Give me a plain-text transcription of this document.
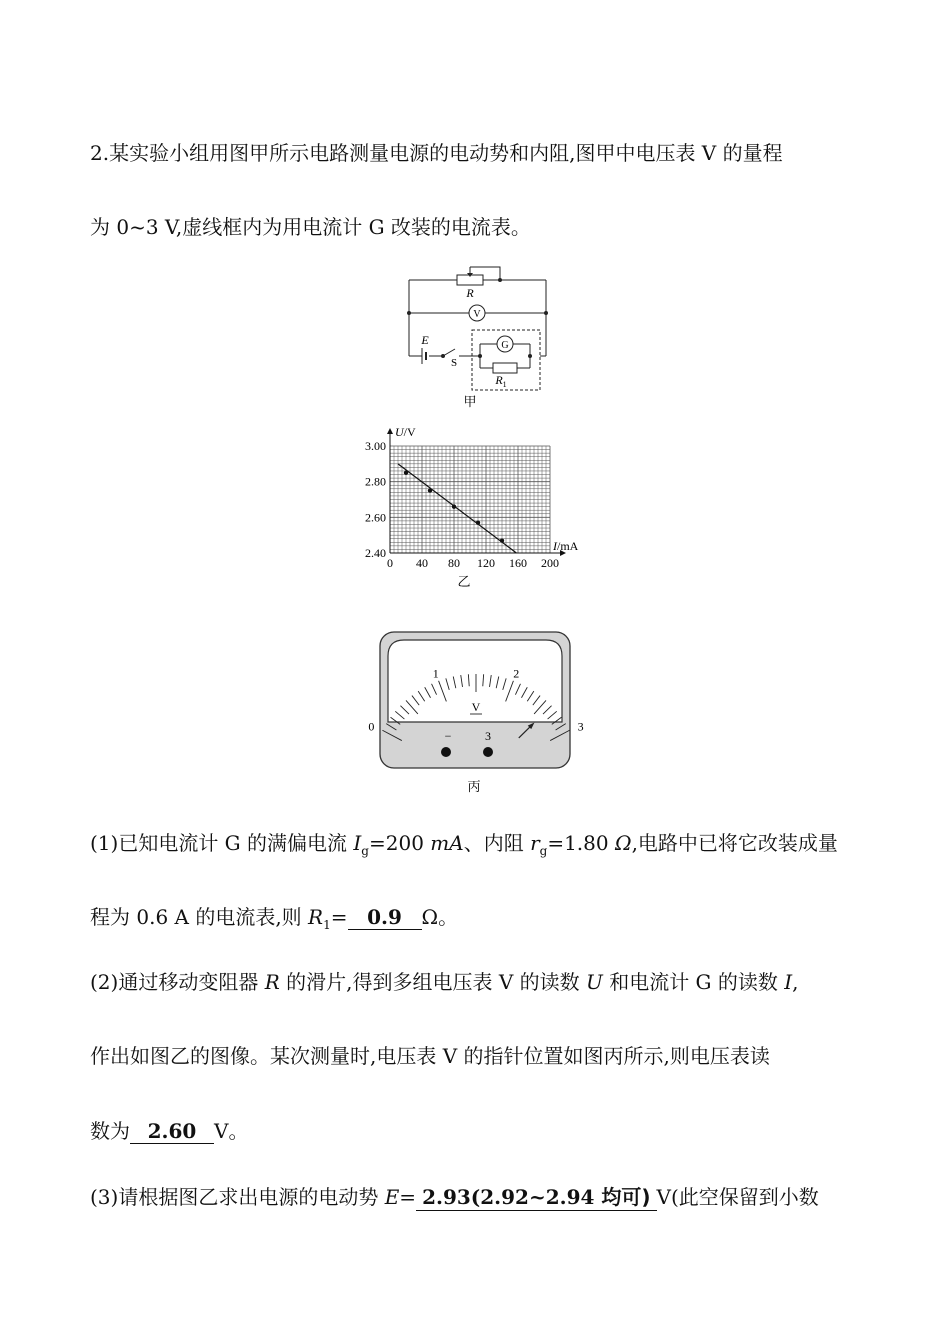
2.某实验小组用图甲所示电路测量电源的电动势和内阻,图甲中电压表 V 的量程
为 0~3 V,虚线框内为用电流计 G 改装的电流表。
R
V
G
E
S
$R_1$
甲
0 40 80 120 160 200
3.00
2.80
2.60
2.40
U/V
I/mA
乙
0
1	2
3
V
−	3
丙
(1)已知电流计 G 的满偏电流 $I_g=200$ mA、内阻 $r_g=1.80$ Ω,电路中已将它改装成量
程为 0.6 A 的电流表,则 $R_1= 0.9$ Ω。
(2)通过移动变阻器 R 的滑片,得到多组电压表 V 的读数 U 和电流计 G 的读数 I,
作出如图乙的图像。某次测量时,电压表 V 的指针位置如图丙所示,则电压表读
数为 2.60 V。
(3)请根据图乙求出电源的电动势 E= 2.93(2.92~2.94 均可) V(此空保留到小数
